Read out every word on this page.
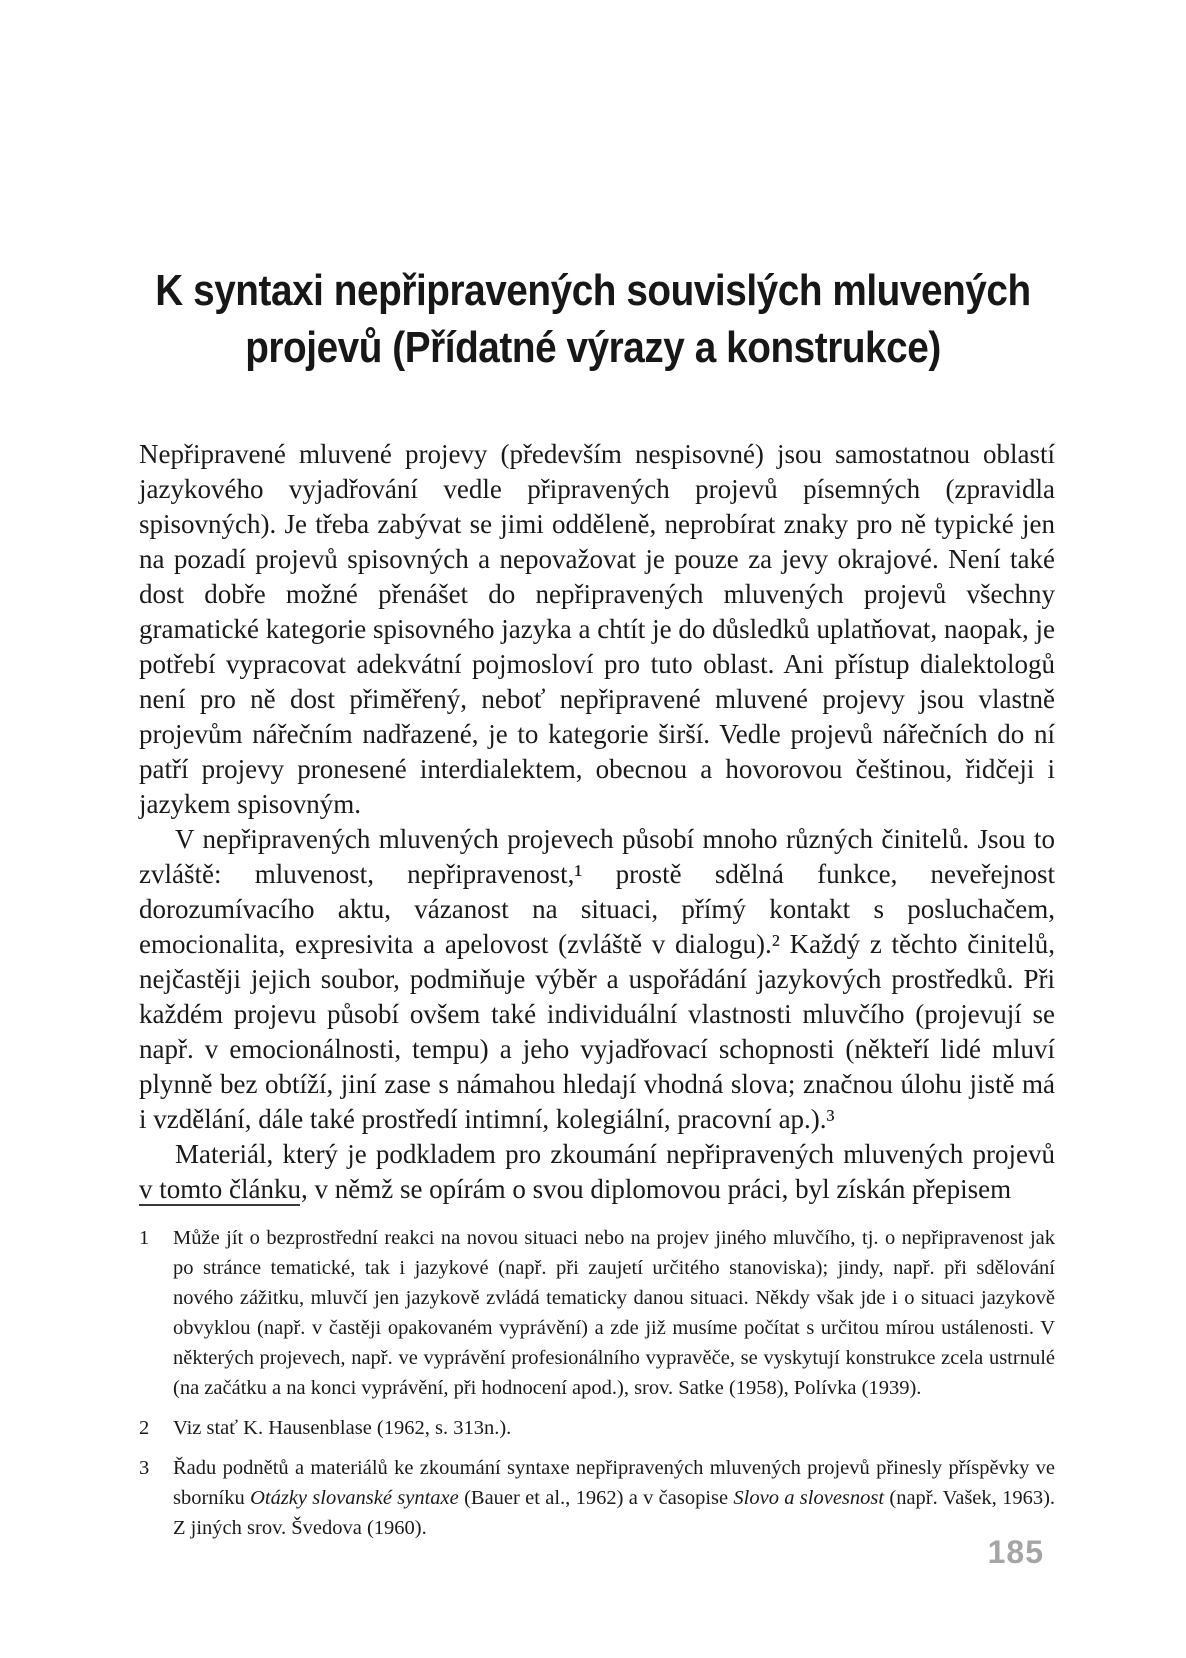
K syntaxi nepřipravených souvislých mluvených
projevů (Přídatné výrazy a konstrukce)

Nepřipravené mluvené projevy (především nespisovné) jsou samostatnou oblastí jazykového vyjadřování vedle připravených projevů písemných (zpravidla spisovných). Je třeba zabývat se jimi odděleně, neprobírat znaky pro ně typické jen na pozadí projevů spisovných a nepovažovat je pouze za jevy okrajové. Není také dost dobře možné přenášet do nepřipravených mluvených projevů všechny gramatické kategorie spisovného jazyka a chtít je do důsledků uplatňovat, naopak, je potřebí vypracovat adekvátní pojmosloví pro tuto oblast. Ani přístup dialektologů není pro ně dost přiměřený, neboť nepřipravené mluvené projevy jsou vlastně projevům nářečním nadřazené, je to kategorie širší. Vedle projevů nářečních do ní patří projevy pronesené interdialektem, obecnou a hovorovou češtinou, řidčeji i jazykem spisovným.

V nepřipravených mluvených projevech působí mnoho různých činitelů. Jsou to zvláště: mluvenost, nepřipravenost,¹ prostě sdělná funkce, neveřejnost dorozumívacího aktu, vázanost na situaci, přímý kontakt s posluchačem, emocionalita, expresivita a apelovost (zvláště v dialogu).² Každý z těchto činitelů, nejčastěji jejich soubor, podmiňuje výběr a uspořádání jazykových prostředků. Při každém projevu působí ovšem také individuální vlastnosti mluvčího (projevují se např. v emocionálnosti, tempu) a jeho vyjadřovací schopnosti (někteří lidé mluví plynně bez obtíží, jiní zase s námahou hledají vhodná slova; značnou úlohu jistě má i vzdělání, dále také prostředí intimní, kolegiální, pracovní ap.).³

Materiál, který je podkladem pro zkoumání nepřipravených mluvených projevů v tomto článku, v němž se opírám o svou diplomovou práci, byl získán přepisem

1	Může jít o bezprostřední reakci na novou situaci nebo na projev jiného mluvčího, tj. o nepřipravenost jak po stránce tematické, tak i jazykové (např. při zaujetí určitého stanoviska); jindy, např. při sdělování nového zážitku, mluvčí jen jazykově zvládá tematicky danou situaci. Někdy však jde i o situaci jazykově obvyklou (např. v častěji opakovaném vyprávění) a zde již musíme počítat s určitou mírou ustálenosti. V některých projevech, např. ve vyprávění profesionálního vypravěče, se vyskytují konstrukce zcela ustrnulé (na začátku a na konci vyprávění, při hodnocení apod.), srov. Satke (1958), Polívka (1939).
2	Viz stať K. Hausenblase (1962, s. 313n.).
3	Řadu podnětů a materiálů ke zkoumání syntaxe nepřipravených mluvených projevů přinesly příspěvky ve sborníku Otázky slovanské syntaxe (Bauer et al., 1962) a v časopise Slovo a slovesnost (např. Vašek, 1963). Z jiných srov. Švedova (1960).
185
